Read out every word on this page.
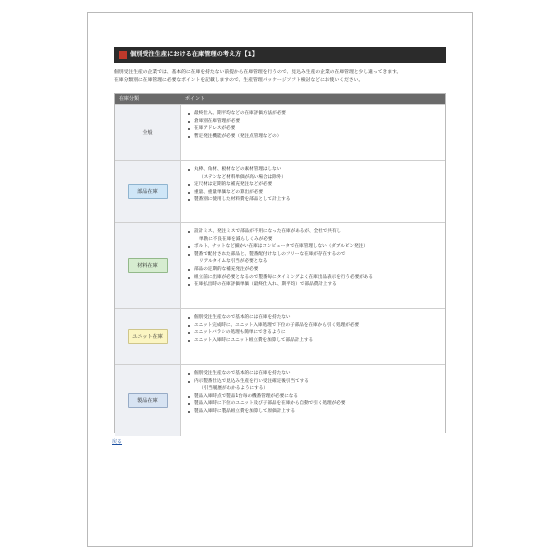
個別受注生産における在庫管理の考え方【1】

個別受注生産の企業では、基本的に在庫を持たない前提から在庫管理を行うので、見込み生産の企業の在庫管理と少し違ってきます。

在庫分類別に在庫管理に必要なポイントを記載しますので、生産管理パッケージソフト検討などにお使いください。

在庫分類	ポイント
全般
最終仕入、期平均などの在庫評価方法が必要
倉庫別在庫管理が必要
在庫アドレスが必要
暫定発注機能が必要（発注点管理などの）
部品在庫
丸棒、角材、板材などの素材管理はしない
（ステンなど材料単価が高い場合は除外）
定尺材は定期的な補充発注などが必要
重量、重量単価などの算出が必要
製番別に使用した材料費を部品として計上する
材料在庫
設計ミス、発注ミスで部品が不用になった在庫があるが、全社で共有し
単勘に不良在庫を減らしくみが必要
ボルト、ナットなど細かい在庫はコンピュータで在庫管理しない（ダブルビン発注）
製番で配付された部品と、製番配付けなしのフリーな在庫が存在するので
リアルタイムな引当が必要となる
部品の定期的な補充発注が必要
組立前に出庫が必要となるので製番毎にタイミングよく在庫出品表示を行う必要がある
在庫払出時の在庫評価単価（最終仕入れ、期平均）で部品費計上する
ユニット在庫
個別受注生産なので基本的には在庫を持たない
ユニット完成時に、ユニット入庫処理で下位の子部品を在庫から引く処理が必要
ユニットバラシの処理も簡単にできるように
ユニット入庫時にユニット組立費を加算して部品計上する
製品在庫
個別受注生産なので基本的には在庫を持たない
内示製番仕込で見込み生産を行い受注確定後引当てする
（引当履歴がわかるようにする）
製品入庫時点で製品1台毎の機番管理が必要になる
製品入庫時に下位のユニット及び子部品を在庫から自動で引く処理が必要
製品入庫時に製品組立費を加算して原価計上する
戻る
